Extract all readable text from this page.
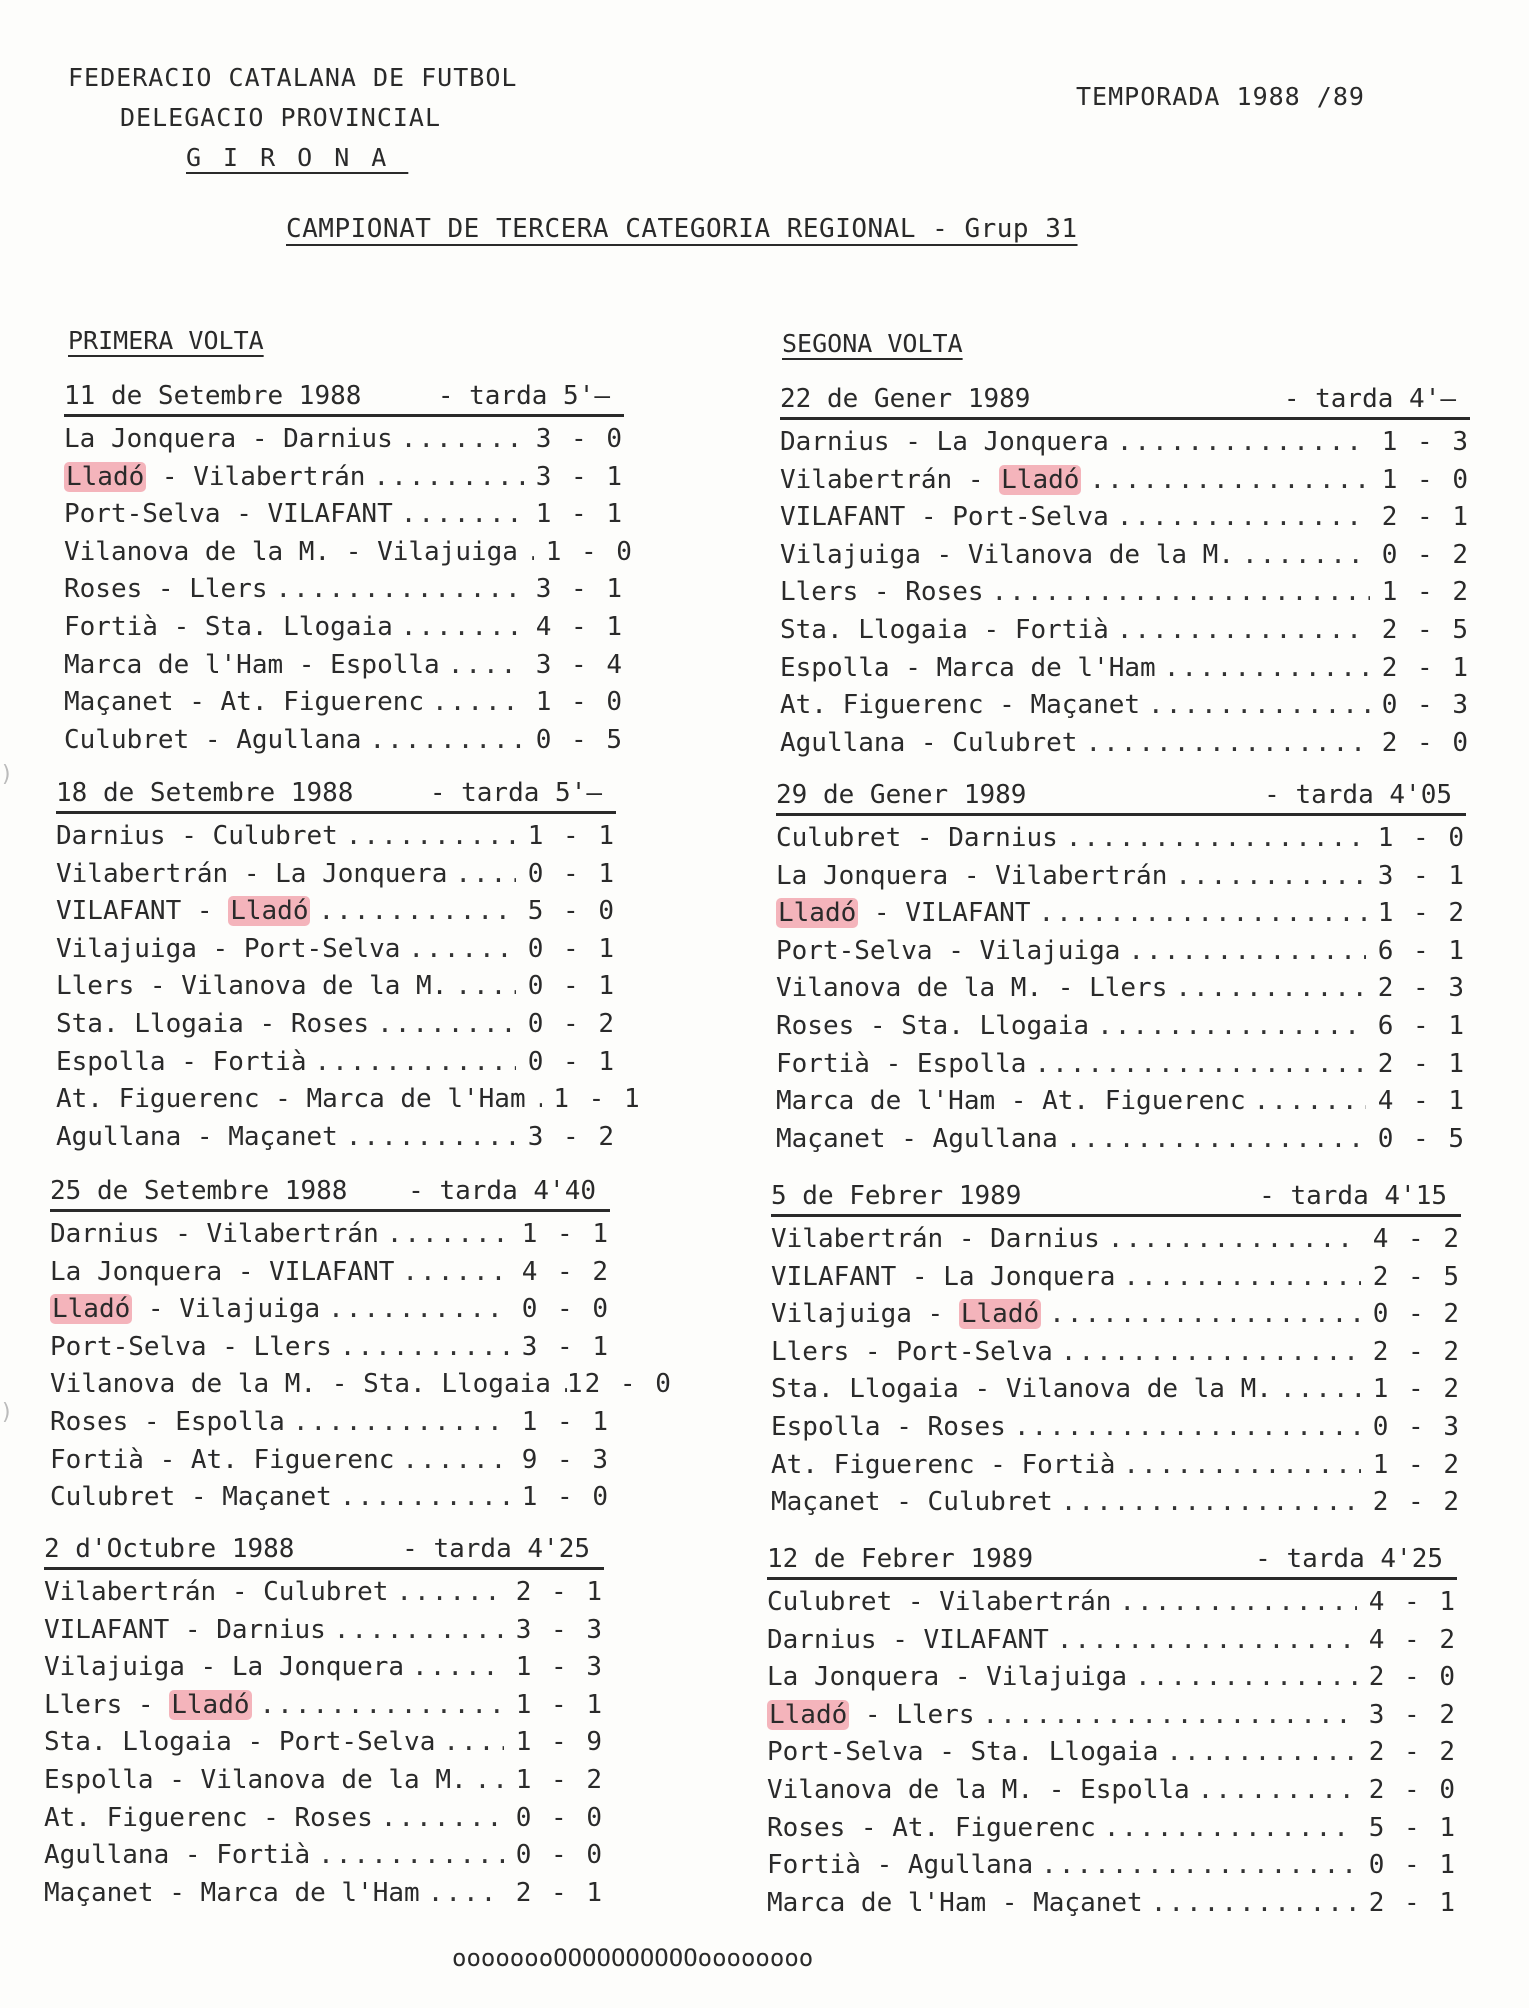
FEDERACIO CATALANA DE FUTBOL
DELEGACIO PROVINCIAL
GIRONA
TEMPORADA 1988 /89
CAMPIONAT DE TERCERA CATEGORIA REGIONAL - Grup 31
PRIMERA VOLTA	SEGONA VOLTA
11 de Setembre 1988	- tarda 5'—
La Jonquera - Darnius .....	3 - 0
Lladó - Vilabertrán .....	3 - 1
Port-Selva - VILAFANT .....	1 - 1
Vilanova de la M. - Vilajuiga .....	1 - 0
Roses - Llers .....	3 - 1
Fortià - Sta. Llogaia .....	4 - 1
Marca de l'Ham - Espolla .....	3 - 4
Maçanet - At. Figuerenc .....	1 - 0
Culubret - Agullana .....	0 - 5
18 de Setembre 1988	- tarda 5'—
Darnius - Culubret .....	1 - 1
Vilabertrán - La Jonquera .....	0 - 1
VILAFANT - Lladó .....	5 - 0
Vilajuiga - Port-Selva .....	0 - 1
Llers - Vilanova de la M. .....	0 - 1
Sta. Llogaia - Roses .....	0 - 2
Espolla - Fortià .....	0 - 1
At. Figuerenc - Marca de l'Ham .....	1 - 1
Agullana - Maçanet .....	3 - 2
25 de Setembre 1988 - tarda 4'40
Darnius - Vilabertrán .....	1 - 1
La Jonquera - VILAFANT .....	4 - 2
Lladó - Vilajuiga .....	0 - 0
Port-Selva - Llers .....	3 - 1
Vilanova de la M. - Sta. Llogaia ..... 12 - 0
Roses - Espolla .....	1 - 1
Fortià - At. Figuerenc .....	9 - 3
Culubret - Maçanet .....	1 - 0
2 d'Octubre 1988	- tarda 4'25
Vilabertrán - Culubret .....	2 - 1
VILAFANT - Darnius .....	3 - 3
Vilajuiga - La Jonquera .....	1 - 3
Llers - Lladó .....	1 - 1
Sta. Llogaia - Port-Selva .....	1 - 9
Espolla - Vilanova de la M. .....	1 - 2
At. Figuerenc - Roses .....	0 - 0
Agullana - Fortià .....	0 - 0
Maçanet - Marca de l'Ham .....	2 - 1
22 de Gener 1989	- tarda 4'—
Darnius - La Jonquera .....	1 - 3
Vilabertrán - Lladó .....	1 - 0
VILAFANT - Port-Selva .....	2 - 1
Vilajuiga - Vilanova de la M. .....	0 - 2
Llers - Roses .....	1 - 2
Sta. Llogaia - Fortià .....	2 - 5
Espolla - Marca de l'Ham .....	2 - 1
At. Figuerenc - Maçanet .....	0 - 3
Agullana - Culubret .....	2 - 0
29 de Gener 1989	- tarda 4'05
Culubret - Darnius .....	1 - 0
La Jonquera - Vilabertrán .....	3 - 1
Lladó - VILAFANT .....	1 - 2
Port-Selva - Vilajuiga .....	6 - 1
Vilanova de la M. - Llers .....	2 - 3
Roses - Sta. Llogaia .....	6 - 1
Fortià - Espolla .....	2 - 1
Marca de l'Ham - At. Figuerenc .....	4 - 1
Maçanet - Agullana .....	0 - 5
5 de Febrer 1989	- tarda 4'15
Vilabertrán - Darnius .....	4 - 2
VILAFANT - La Jonquera .....	2 - 5
Vilajuiga - Lladó .....	0 - 2
Llers - Port-Selva .....	2 - 2
Sta. Llogaia - Vilanova de la M. .....	1 - 2
Espolla - Roses .....	0 - 3
At. Figuerenc - Fortià .....	1 - 2
Maçanet - Culubret .....	2 - 2
12 de Febrer 1989	- tarda 4'25
Culubret - Vilabertrán .....	4 - 1
Darnius - VILAFANT .....	4 - 2
La Jonquera - Vilajuiga .....	2 - 0
Lladó - Llers .....	3 - 2
Port-Selva - Sta. Llogaia .....	2 - 2
Vilanova de la M. - Espolla .....	2 - 0
Roses - At. Figuerenc .....	5 - 1
Fortià - Agullana .....	0 - 1
Marca de l'Ham - Maçanet .....	2 - 1
oooooooOOOOOOOOOOoooooooo
)
)
